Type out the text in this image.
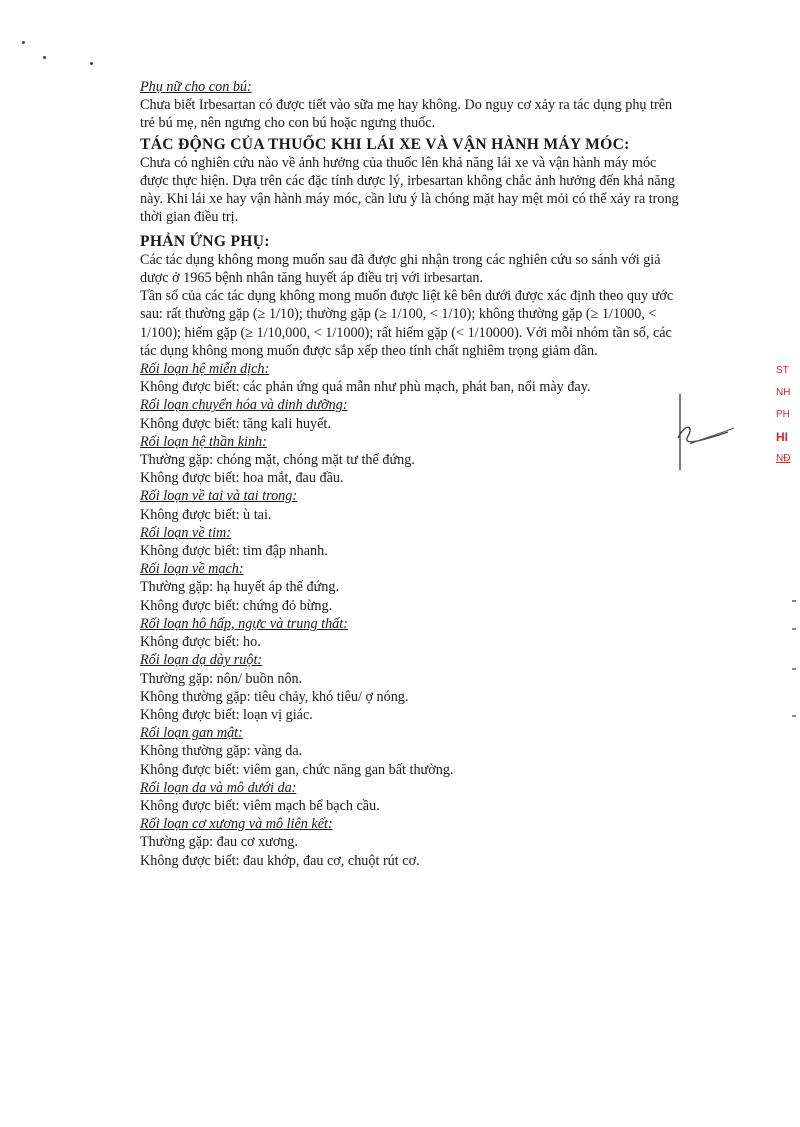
Phụ nữ cho con bú:

Chưa biết Irbesartan có được tiết vào sữa mẹ hay không. Do nguy cơ xảy ra tác dụng phụ trên trẻ bú mẹ, nên ngưng cho con bú hoặc ngưng thuốc.

TÁC ĐỘNG CỦA THUỐC KHI LÁI XE VÀ VẬN HÀNH MÁY MÓC:

Chưa có nghiên cứu nào về ảnh hưởng của thuốc lên khả năng lái xe và vận hành máy móc được thực hiện. Dựa trên các đặc tính dược lý, irbesartan không chắc ảnh hưởng đến khả năng này. Khi lái xe hay vận hành máy móc, cần lưu ý là chóng mặt hay mệt mỏi có thể xảy ra trong thời gian điều trị.

PHẢN ỨNG PHỤ:

Các tác dụng không mong muốn sau đã được ghi nhận trong các nghiên cứu so sánh với giả dược ở 1965 bệnh nhân tăng huyết áp điều trị với irbesartan.

Tần số của các tác dụng không mong muốn được liệt kê bên dưới được xác định theo quy ước sau: rất thường gặp (≥ 1/10); thường gặp (≥ 1/100, < 1/10); không thường gặp (≥ 1/1000, < 1/100); hiếm gặp (≥ 1/10,000, < 1/1000); rất hiếm gặp (< 1/10000). Với mỗi nhóm tần số, các tác dụng không mong muốn được sắp xếp theo tính chất nghiêm trọng giảm dần.

Rối loạn hệ miễn dịch:

Không được biết: các phản ứng quá mẫn như phù mạch, phát ban, nổi mày đay.

Rối loạn chuyển hóa và dinh dưỡng:

Không được biết: tăng kali huyết.

Rối loạn hệ thần kinh:

Thường gặp: chóng mặt, chóng mặt tư thế đứng.

Không được biết: hoa mắt, đau đầu.

Rối loạn về tai và tai trong:

Không được biết: ù tai.

Rối loạn về tim:

Không được biết: tim đập nhanh.

Rối loạn về mạch:

Thường gặp: hạ huyết áp thế đứng.

Không được biết: chứng đỏ bừng.

Rối loạn hô hấp, ngực và trung thất:

Không được biết: ho.

Rối loạn dạ dày ruột:

Thường gặp: nôn/ buồn nôn.

Không thường gặp: tiêu chảy, khó tiêu/ ợ nóng.

Không được biết: loạn vị giác.

Rối loạn gan mật:

Không thường gặp: vàng da.

Không được biết: viêm gan, chức năng gan bất thường.

Rối loạn da và mô dưới da:

Không được biết: viêm mạch bể bạch cầu.

Rối loạn cơ xương và mô liên kết:

Thường gặp: đau cơ xương.

Không được biết: đau khớp, đau cơ, chuột rút cơ.

ST
NH
PH
HI
NĐ
